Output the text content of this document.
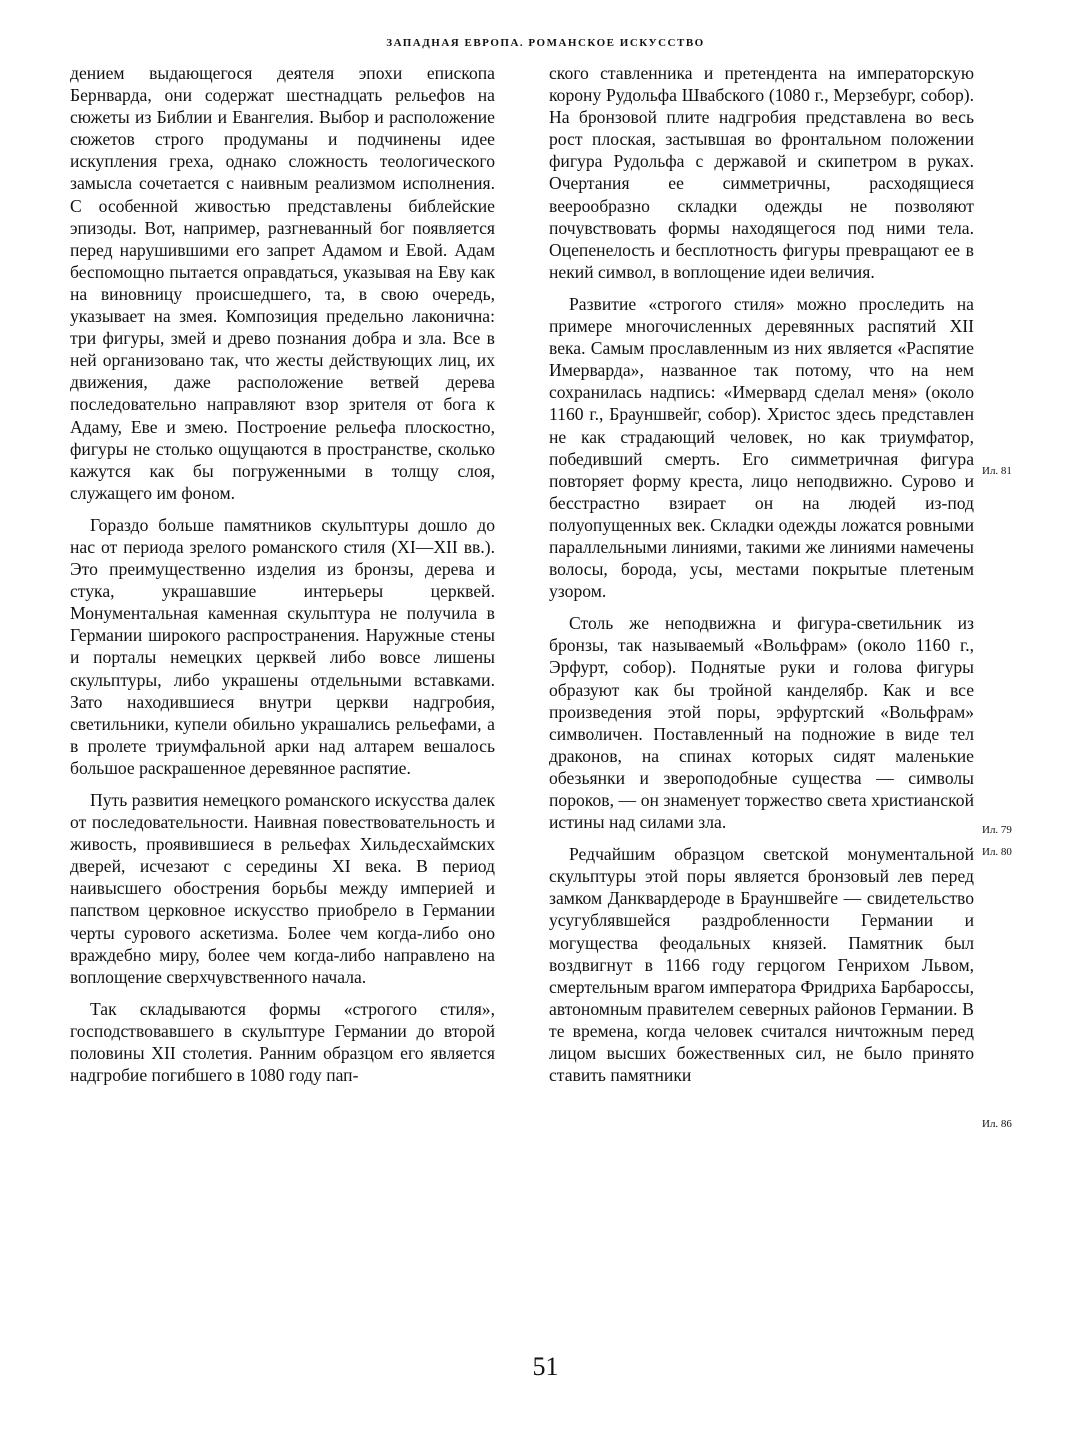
ЗАПАДНАЯ ЕВРОПА. РОМАНСКОЕ ИСКУССТВО

дением выдающегося деятеля эпохи епископа Бернварда, они содержат шестнадцать рельефов на сюжеты из Библии и Евангелия. Выбор и расположение сюжетов строго продуманы и подчинены идее искупления греха, однако сложность теологического замысла сочетается с наивным реализмом исполнения. С особенной живостью представлены библейские эпизоды. Вот, например, разгневанный бог появляется перед нарушившими его запрет Адамом и Евой. Адам беспомощно пытается оправдаться, указывая на Еву как на виновницу происшедшего, та, в свою очередь, указывает на змея. Композиция предельно лаконична: три фигуры, змей и древо познания добра и зла. Все в ней организовано так, что жесты действующих лиц, их движения, даже расположение ветвей дерева последовательно направляют взор зрителя от бога к Адаму, Еве и змею. Построение рельефа плоскостно, фигуры не столько ощущаются в пространстве, сколько кажутся как бы погруженными в толщу слоя, служащего им фоном.

Гораздо больше памятников скульптуры дошло до нас от периода зрелого романского стиля (XI—XII вв.). Это преимущественно изделия из бронзы, дерева и стука, украшавшие интерьеры церквей. Монументальная каменная скульптура не получила в Германии широкого распространения. Наружные стены и порталы немецких церквей либо вовсе лишены скульптуры, либо украшены отдельными вставками. Зато находившиеся внутри церкви надгробия, светильники, купели обильно украшались рельефами, а в пролете триумфальной арки над алтарем вешалось большое раскрашенное деревянное распятие.

Путь развития немецкого романского искусства далек от последовательности. Наивная повествовательность и живость, проявившиеся в рельефах Хильдесхаймских дверей, исчезают с середины XI века. В период наивысшего обострения борьбы между империей и папством церковное искусство приобрело в Германии черты сурового аскетизма. Более чем когда-либо оно враждебно миру, более чем когда-либо направлено на воплощение сверхчувственного начала.

Так складываются формы «строгого стиля», господствовавшего в скульптуре Германии до второй половины XII столетия. Ранним образцом его является надгробие погибшего в 1080 году пап-

ского ставленника и претендента на императорскую корону Рудольфа Швабского (1080 г., Мерзебург, собор). На бронзовой плите надгробия представлена во весь рост плоская, застывшая во фронтальном положении фигура Рудольфа с державой и скипетром в руках. Очертания ее симметричны, расходящиеся веерообразно складки одежды не позволяют почувствовать формы находящегося под ними тела. Оцепенелость и бесплотность фигуры превращают ее в некий символ, в воплощение идеи величия.

Развитие «строгого стиля» можно проследить на примере многочисленных деревянных распятий XII века. Самым прославленным из них является «Распятие Имерварда», названное так потому, что на нем сохранилась надпись: «Имервард сделал меня» (около 1160 г., Брауншвейг, собор). Христос здесь представлен не как страдающий человек, но как триумфатор, победивший смерть. Его симметричная фигура повторяет форму креста, лицо неподвижно. Сурово и бесстрастно взирает он на людей из-под полуопущенных век. Складки одежды ложатся ровными параллельными линиями, такими же линиями намечены волосы, борода, усы, местами покрытые плетеным узором.

Столь же неподвижна и фигура-светильник из бронзы, так называемый «Вольфрам» (около 1160 г., Эрфурт, собор). Поднятые руки и голова фигуры образуют как бы тройной канделябр. Как и все произведения этой поры, эрфуртский «Вольфрам» символичен. Поставленный на подножие в виде тел драконов, на спинах которых сидят маленькие обезьянки и звероподобные существа — символы пороков, — он знаменует торжество света христианской истины над силами зла.

Редчайшим образцом светской монументальной скульптуры этой поры является бронзовый лев перед замком Данквардероде в Брауншвейге — свидетельство усугублявшейся раздробленности Германии и могущества феодальных князей. Памятник был воздвигнут в 1166 году герцогом Генрихом Львом, смертельным врагом императора Фридриха Барбароссы, автономным правителем северных районов Германии. В те времена, когда человек считался ничтожным перед лицом высших божественных сил, не было принято ставить памятники

Ил. 81
Ил. 79
Ил. 80
Ил. 86
51
